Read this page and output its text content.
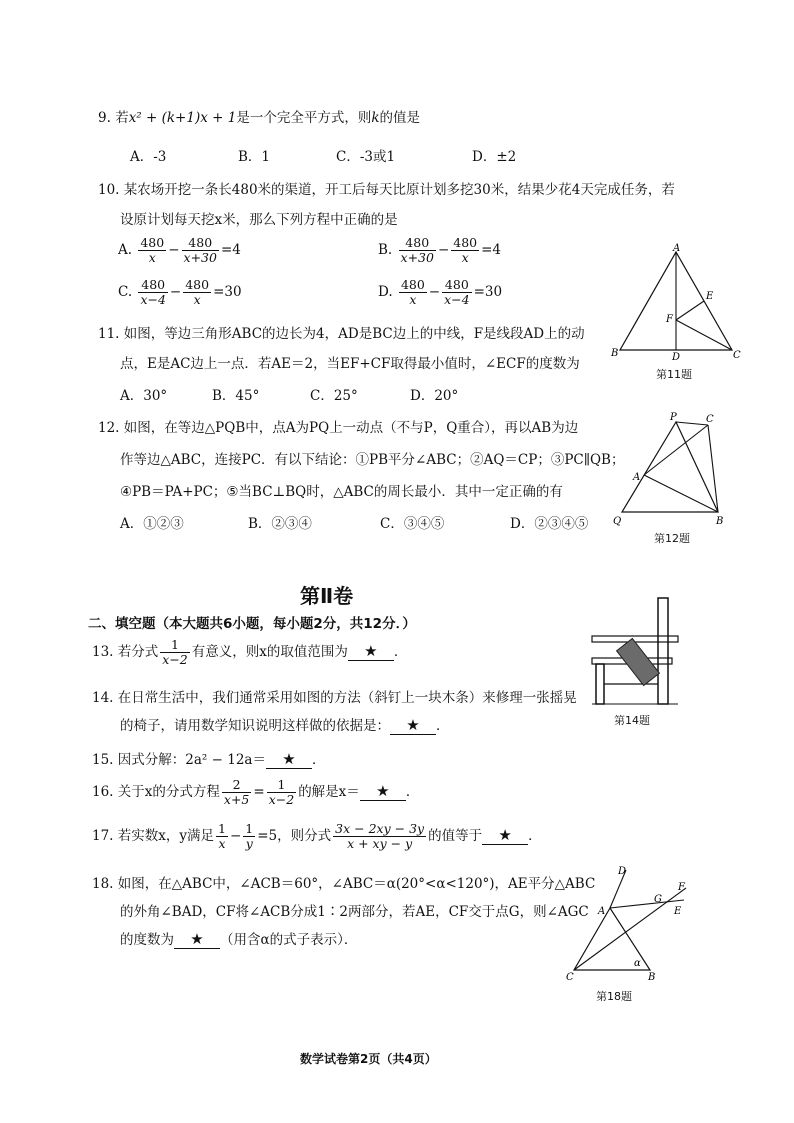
9. 若x² + (k+1)x + 1是一个完全平方式，则k的值是
A．-3	B．1	C．-3或1	D．±2
10. 某农场开挖一条长480米的渠道，开工后每天比原计划多挖30米，结果少花4天完成任务，若
设原计划每天挖x米，那么下列方程中正确的是
A. $\frac{480}{x} - \frac{480}{x+30} =4$	B. $\frac{480}{x+30} - \frac{480}{x} =4$
C. $\frac{480}{x-4} - \frac{480}{x} =30$	D. $\frac{480}{x} - \frac{480}{x-4} =30$
11. 如图，等边三角形ABC的边长为4，AD是BC边上的中线，F是线段AD上的动
点，E是AC边上一点．若AE＝2，当EF+CF取得最小值时，∠ECF的度数为
A．30°	B．45°	C．25°	D．20°
A
B	C
D
E
F
第11题
12. 如图，在等边△PQB中，点A为PQ上一动点（不与P，Q重合），再以AB为边
作等边△ABC，连接PC．有以下结论：①PB平分∠ABC；②AQ＝CP；③PC∥QB；
④PB＝PA+PC；⑤当BC⊥BQ时，△ABC的周长最小．其中一定正确的有
A．①②③	B．②③④	C．③④⑤	D．②③④⑤
P	C
A
Q	B
第12题
第Ⅱ卷
二、填空题（本大题共6小题，每小题2分，共12分．）
13. 若分式 $\frac{1}{x-2}$ 有意义，则x的取值范围为 ★ ．
14. 在日常生活中，我们通常采用如图的方法（斜钉上一块木条）来修理一张摇晃
的椅子，请用数学知识说明这样做的依据是： ★ ．	第14题
15. 因式分解：2a² − 12a＝ ★ ．
16. 关于x的分式方程 $\frac{2}{x+5} = \frac{1}{x-2}$ 的解是x＝ ★ ．
17. 若实数x，y满足 $\frac{1}{x} - \frac{1}{y} =5$，则分式 $\frac{3x - 2xy - 3y}{x + xy - y}$ 的值等于 ★ ．
18. 如图，在△ABC中，∠ACB＝60°，∠ABC＝α(20°<α<120°)，AE平分△ABC
的外角∠BAD，CF将∠ACB分成1∶2两部分，若AE，CF交于点G，则∠AGC
的度数为 ★ （用含α的式子表示）．
D
F
G
A	E
C	B
α
第18题
数学试卷第2页（共4页）
